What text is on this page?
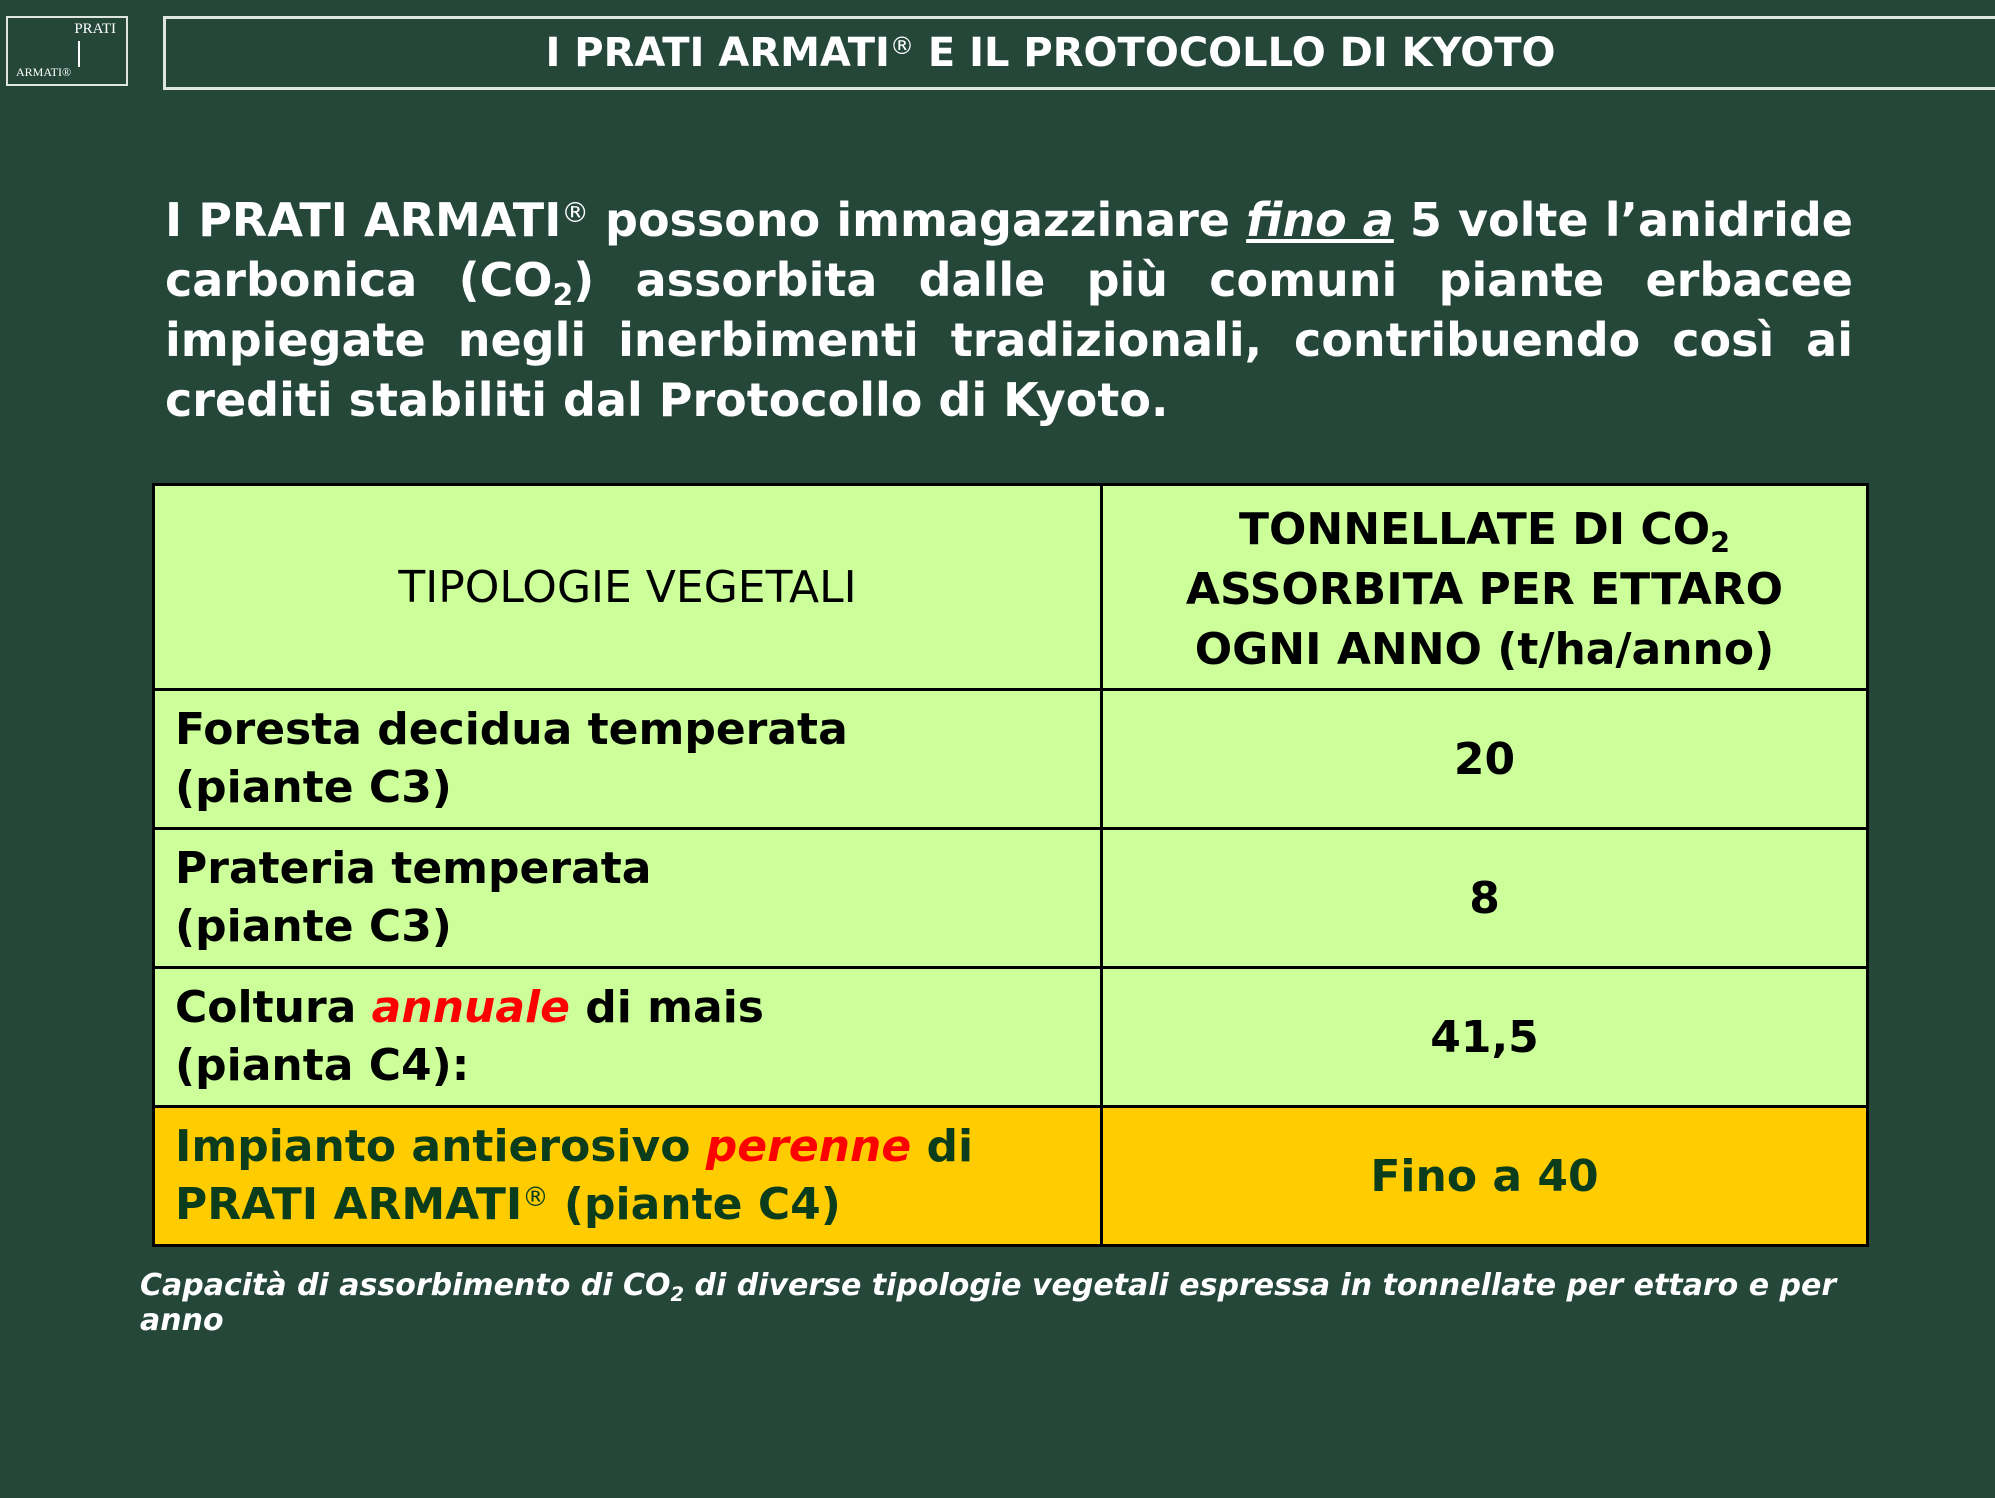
PRATI
ARMATI®	I PRATI ARMATI® E IL PROTOCOLLO DI KYOTO
I PRATI ARMATI® possono immagazzinare fino a 5 volte l’anidride carbonica $(CO_2)$ assorbita dalle più comuni piante erbacee impiegate negli inerbimenti tradizionali, contribuendo così ai crediti stabiliti dal Protocollo di Kyoto.
TIPOLOGIE VEGETALI	TONNELLATE DI $CO_2$
ASSORBITA PER ETTARO
OGNI ANNO (t/ha/anno)
Foresta decidua temperata
(piante C3)	20
Prateria temperata
(piante C3)	8
Coltura annuale di mais
(pianta C4):	41,5
Impianto antierosivo perenne di
PRATI ARMATI® (piante C4)	Fino a 40
Capacità di assorbimento di $CO_2$ di diverse tipologie vegetali espressa in tonnellate per ettaro e per anno
